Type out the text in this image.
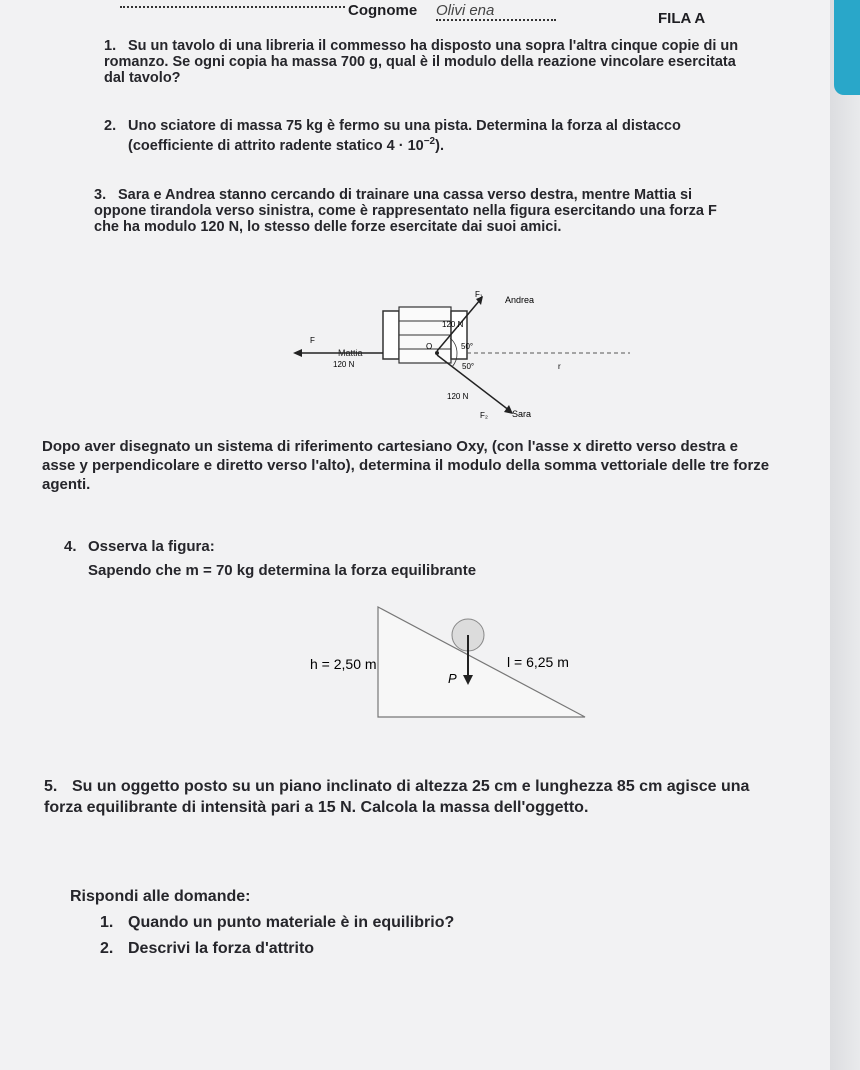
Cognome Olivi ena	FILA A
1. Su un tavolo di una libreria il commesso ha disposto una sopra l'altra cinque copie di un romanzo. Se ogni copia ha massa 700 g, qual è il modulo della reazione vincolare esercitata dal tavolo?
2. Uno sciatore di massa 75 kg è fermo su una pista. Determina la forza al distacco
(coefficiente di attrito radente statico $4 \cdot 10^{-2}$).
3. Sara e Andrea stanno cercando di trainare una cassa verso destra, mentre Mattia si oppone tirandola verso sinistra, come è rappresentato nella figura esercitando una forza F che ha modulo 120 N, lo stesso delle forze esercitate dai suoi amici.
Andrea
F₁
120 N
Mattia
F
120 N
50°
O
50°	r
120 N
F₂	Sara
Dopo aver disegnato un sistema di riferimento cartesiano Oxy, (con l'asse x diretto verso destra e asse y perpendicolare e diretto verso l'alto), determina il modulo della somma vettoriale delle tre forze agenti.
4. Osserva la figura:
Sapendo che m = 70 kg determina la forza equilibrante
h = 2,50 m	l = 6,25 m
P
5. Su un oggetto posto su un piano inclinato di altezza 25 cm e lunghezza 85 cm agisce una forza equilibrante di intensità pari a 15 N. Calcola la massa dell'oggetto.
Rispondi alle domande:
1. Quando un punto materiale è in equilibrio?
2. Descrivi la forza d'attrito
